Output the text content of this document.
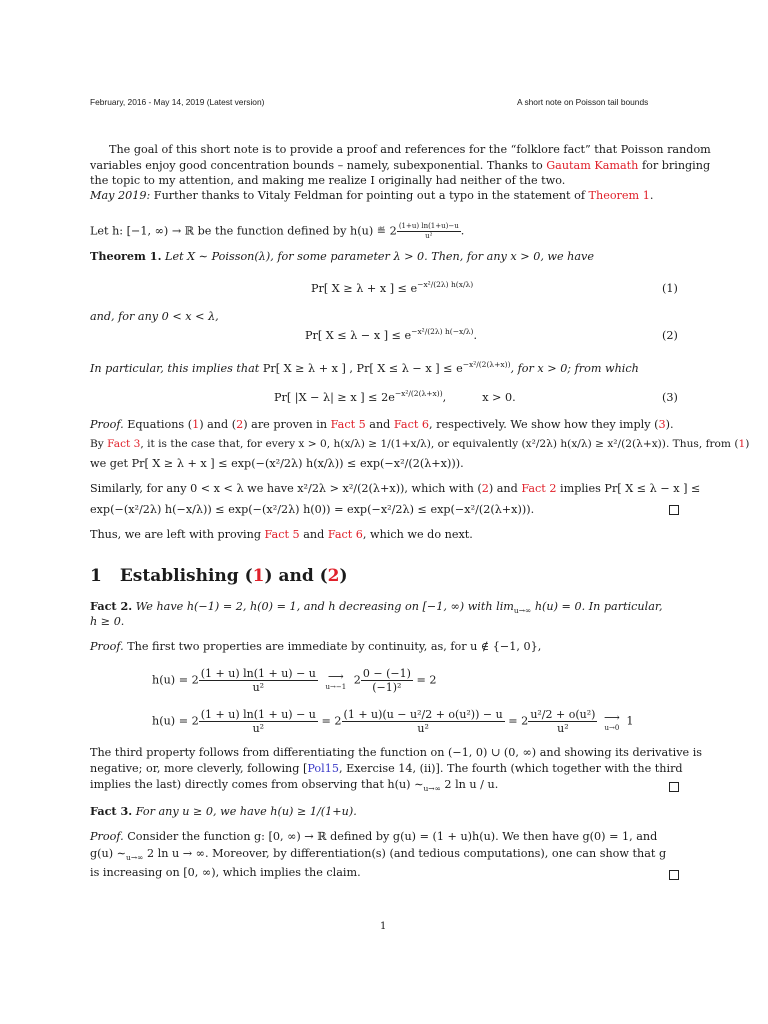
February, 2016 - May 14, 2019 (Latest version)	A short note on Poisson tail bounds
The goal of this short note is to provide a proof and references for the “folklore fact” that Poisson random
variables enjoy good concentration bounds – namely, subexponential. Thanks to Gautam Kamath for bringing
the topic to my attention, and making me realize I originally had neither of the two.
May 2019: Further thanks to Vitaly Feldman for pointing out a typo in the statement of Theorem 1.
Let h: [−1, ∞) → ℝ be the function defined by h(u) ≝ $2 \frac{(1+u) \ln(1+u)-u}{\text{u²}}$ .
Theorem 1. Let X ∼ Poisson(λ), for some parameter λ > 0. Then, for any x > 0, we have
Pr[ X ≥ λ + x ] ≤ $e^{-x^2/(2\lambda) h(x/\lambda)}$	(1)
and, for any 0 < x < λ,
Pr[ X ≤ λ − x ] ≤ $e^{-x^2/(2\lambda) h(-x/\lambda)}$.	(2)
In particular, this implies that Pr[ X ≥ λ + x ] , Pr[ X ≤ λ − x ] ≤ $e^{-x^2/(2(\lambda+x))}$, for x > 0; from which
Pr[ |X − λ| ≥ x ] ≤ $2e^{-x^2/(2(\lambda+x))}$,	x > 0.	(3)
Proof. Equations (1) and (2) are proven in Fact 5 and Fact 6, respectively. We show how they imply (3).
By Fact 3, it is the case that, for every x > 0, h(x/λ) ≥ 1/(1+x/λ), or equivalently (x²/2λ) h(x/λ) ≥ x²/(2(λ+x)). Thus, from (1)
we get Pr[ X ≥ λ + x ] ≤ exp(−(x²/2λ) h(x/λ)) ≤ exp(−x²/(2(λ+x))).
Similarly, for any 0 < x < λ we have x²/2λ > x²/(2(λ+x)), which with (2) and Fact 2 implies Pr[ X ≤ λ − x ] ≤
exp(−(x²/2λ) h(−x/λ)) ≤ exp(−(x²/2λ) h(0)) = exp(−x²/2λ) ≤ exp(−x²/(2(λ+x))).
Thus, we are left with proving Fact 5 and Fact 6, which we do next.
1 Establishing (1) and (2)
Fact 2. We have h(−1) = 2, h(0) = 1, and h decreasing on [−1, ∞) with $\lim_{u\to\infty} h(u) = 0$. In particular,
h ≥ 0.
Proof. The first two properties are immediate by continuity, as, for u ∉ {−1, 0},
$h(u) = 2 \frac{(1 + u) \ln(1 + u) - u}{\text{u²}}$
⟶
u→−1
$2 \frac{0 - (-1)}{\text{(−1)²}} = 2$
$h(u) = 2 \frac{(1 + u) \ln(1 + u) - u}{\text{u²}} = 2 \frac{\text{(1 + u)(u − u²/2 + o(u²)) − u}}{\text{u²}} = 2 \frac{\text{u²/2 + o(u²)}}{\text{u²}}$
⟶
u→0
1
The third property follows from differentiating the function on (−1, 0) ∪ (0, ∞) and showing its derivative is
negative; or, more cleverly, following [Pol15, Exercise 14, (ii)]. The fourth (which together with the third
implies the last) directly comes from observing that h(u) $\sim_{u\to\infty}$ 2 ln u / u.
Fact 3. For any u ≥ 0, we have h(u) ≥ 1/(1+u).
Proof. Consider the function g: [0, ∞) → ℝ defined by g(u) = (1 + u)h(u). We then have g(0) = 1, and
g(u) $\sim_{u\to\infty}$ 2 ln u → ∞. Moreover, by differentiation(s) (and tedious computations), one can show that g
is increasing on [0, ∞), which implies the claim.
1
